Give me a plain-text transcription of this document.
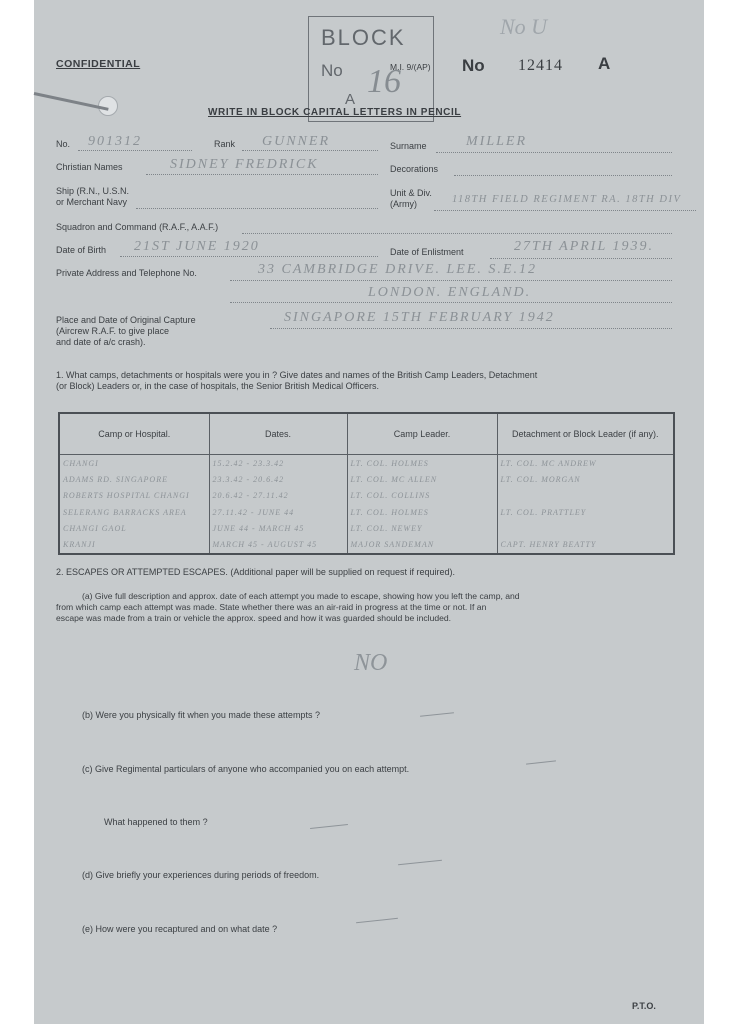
CONFIDENTIAL
BLOCK
No
A 16
M.I. 9/(AP) No 12414 A
No U
WRITE IN BLOCK CAPITAL LETTERS IN PENCIL
No. 901312	Rank GUNNER	Surname	MILLER
Christian Names	SIDNEY FREDRICK	Decorations
Ship (R.N., U.S.N.
or Merchant Navy
Unit & Div.
(Army)	118TH FIELD REGIMENT RA. 18TH DIV
Squadron and Command (R.A.F., A.A.F.)
Date of Birth 21ST JUNE 1920	Date of Enlistment	27TH APRIL 1939.
Private Address and Telephone No.	33 CAMBRIDGE DRIVE. LEE. S.E.12
LONDON. ENGLAND.
Place and Date of Original Capture
(Aircrew R.A.F. to give place
and date of a/c crash).
SINGAPORE 15TH FEBRUARY 1942
1. What camps, detachments or hospitals were you in ? Give dates and names of the British Camp Leaders, Detachment
(or Block) Leaders or, in the case of hospitals, the Senior British Medical Officers.
Camp or Hospital.	Dates.	Camp Leader.	Detachment or Block Leader (if any).
CHANGI	15.2.42 - 23.3.42	LT. COL. HOLMES	LT. COL. MC ANDREW
ADAMS RD. SINGAPORE	23.3.42 - 20.6.42	LT. COL. MC ALLEN	LT. COL. MORGAN
ROBERTS HOSPITAL CHANGI	20.6.42 - 27.11.42	LT. COL. COLLINS	
SELERANG BARRACKS AREA	27.11.42 - JUNE 44	LT. COL. HOLMES	LT. COL. PRATTLEY
CHANGI GAOL	JUNE 44 - MARCH 45	LT. COL. NEWEY	
KRANJI	MARCH 45 - AUGUST 45	MAJOR SANDEMAN	CAPT. HENRY BEATTY
2. ESCAPES OR ATTEMPTED ESCAPES. (Additional paper will be supplied on request if required).
(a) Give full description and approx. date of each attempt you made to escape, showing how you left the camp, and
from which camp each attempt was made. State whether there was an air-raid in progress at the time or not. If an
escape was made from a train or vehicle the approx. speed and how it was guarded should be included.
NO
(b) Were you physically fit when you made these attempts ?
(c) Give Regimental particulars of anyone who accompanied you on each attempt.
What happened to them ?
(d) Give briefly your experiences during periods of freedom.
(e) How were you recaptured and on what date ?
P.T.O.
